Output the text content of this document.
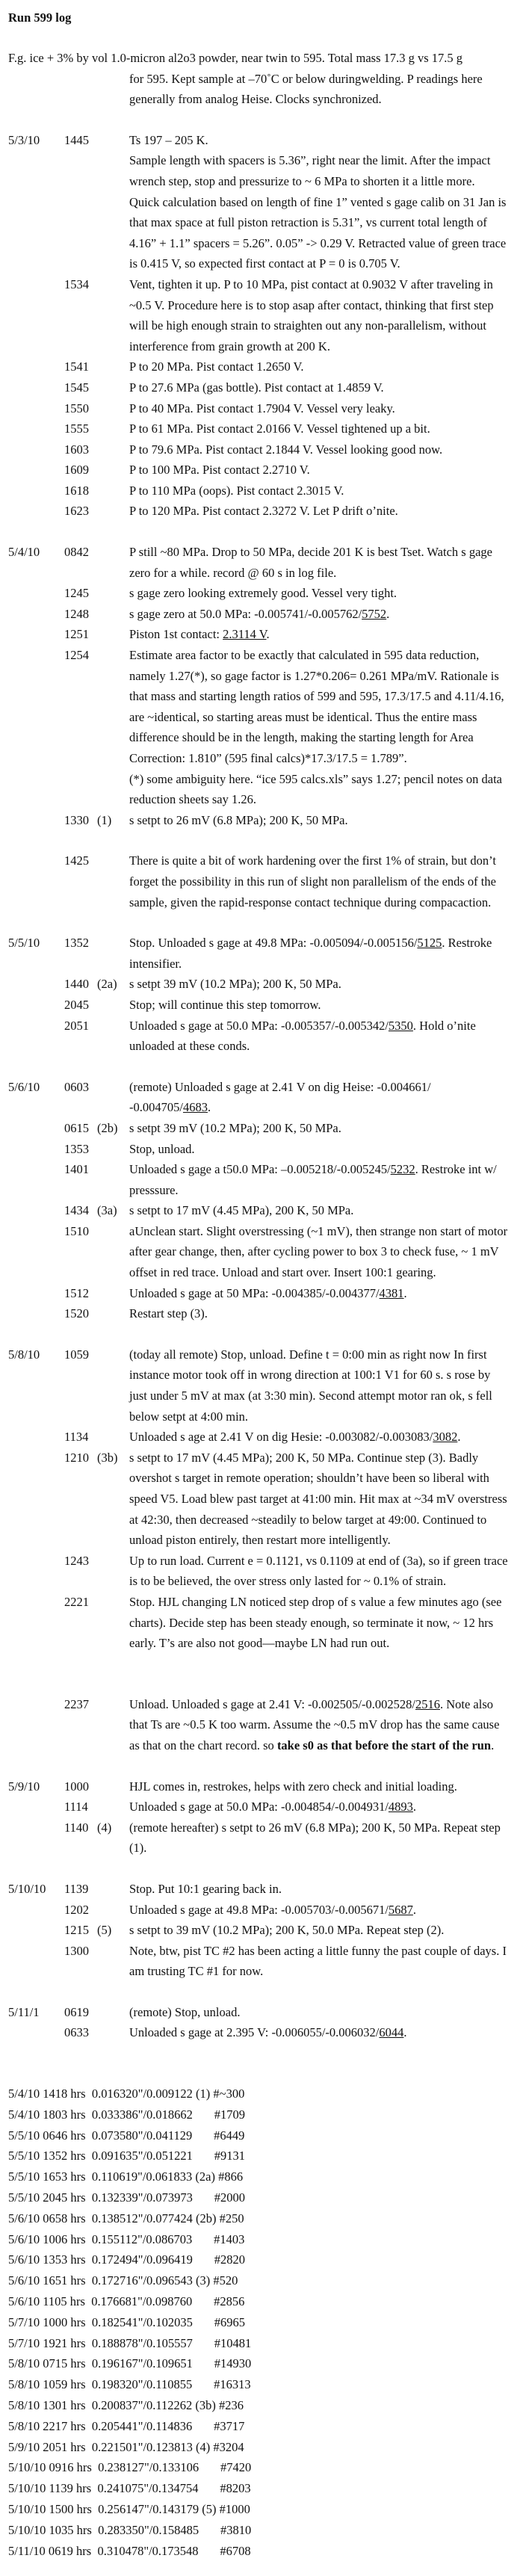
Run 599 log
F.g. ice + 3% by vol 1.0-micron al2o3 powder, near twin to 595. Total mass 17.3 g vs 17.5 g
for 595. Kept sample at –70˚C or below duringwelding. P readings here generally from analog Heise. Clocks synchronized.
5/3/10	1445	Ts 197 – 205 K.
Sample length with spacers is 5.36”, right near the limit. After the impact wrench step, stop and pressurize to ~ 6 MPa to shorten it a little more.
Quick calculation based on length of fine 1” vented s gage calib on 31 Jan is that max space at full piston retraction is 5.31”, vs current total length of 4.16” + 1.1” spacers = 5.26”. 0.05” -> 0.29 V. Retracted value of green trace is 0.415 V, so expected first contact at P = 0 is 0.705 V.
1534	Vent, tighten it up. P to 10 MPa, pist contact at 0.9032 V after traveling in ~0.5 V. Procedure here is to stop asap after contact, thinking that first step will be high enough strain to straighten out any non-parallelism, without interference from grain growth at 200 K.
1541	P to 20 MPa. Pist contact 1.2650 V.
1545	P to 27.6 MPa (gas bottle). Pist contact at 1.4859 V.
1550	P to 40 MPa. Pist contact 1.7904 V. Vessel very leaky.
1555	P to 61 MPa. Pist contact 2.0166 V. Vessel tightened up a bit.
1603	P to 79.6 MPa. Pist contact 2.1844 V. Vessel looking good now.
1609	P to 100 MPa. Pist contact 2.2710 V.
1618	P to 110 MPa (oops). Pist contact 2.3015 V.
1623	P to 120 MPa. Pist contact 2.3272 V. Let P drift o’nite.
5/4/10	0842	P still ~80 MPa. Drop to 50 MPa, decide 201 K is best Tset. Watch s gage zero for a while. record @ 60 s in log file.
1245	s gage zero looking extremely good. Vessel very tight.
1248	s gage zero at 50.0 MPa: -0.005741/-0.005762/5752.
1251	Piston 1st contact: 2.3114 V.
1254	Estimate area factor to be exactly that calculated in 595 data reduction, namely 1.27(*), so gage factor is 1.27*0.206= 0.261 MPa/mV. Rationale is that mass and starting length ratios of 599 and 595, 17.3/17.5 and 4.11/4.16, are ~identical, so starting areas must be identical. Thus the entire mass difference should be in the length, making the starting length for Area Correction: 1.810” (595 final calcs)*17.3/17.5 = 1.789”.
(*) some ambiguity here. “ice 595 calcs.xls” says 1.27; pencil notes on data reduction sheets say 1.26.
1330 (1)	s setpt to 26 mV (6.8 MPa); 200 K, 50 MPa.
1425	There is quite a bit of work hardening over the first 1% of strain, but don’t forget the possibility in this run of slight non parallelism of the ends of the sample, given the rapid-response contact technique during compacaction.
5/5/10	1352	Stop. Unloaded s gage at 49.8 MPa: -0.005094/-0.005156/5125. Restroke intensifier.
1440 (2a) s setpt 39 mV (10.2 MPa); 200 K, 50 MPa.
2045	Stop; will continue this step tomorrow.
2051	Unloaded s gage at 50.0 MPa: -0.005357/-0.005342/5350. Hold o’nite unloaded at these conds.
5/6/10	0603	(remote) Unloaded s gage at 2.41 V on dig Heise: -0.004661/ -0.004705/4683.
0615 (2b) s setpt 39 mV (10.2 MPa); 200 K, 50 MPa.
1353	Stop, unload.
1401	Unloaded s gage a t50.0 MPa: –0.005218/-0.005245/5232. Restroke int w/ presssure.
1434 (3a) s setpt to 17 mV (4.45 MPa), 200 K, 50 MPa.
1510	aUnclean start. Slight overstressing (~1 mV), then strange non start of motor after gear change, then, after cycling power to box 3 to check fuse, ~ 1 mV offset in red trace. Unload and start over. Insert 100:1 gearing.
1512	Unloaded s gage at 50 MPa: -0.004385/-0.004377/4381.
1520	Restart step (3).
5/8/10	1059	(today all remote) Stop, unload. Define t = 0:00 min as right now In first instance motor took off in wrong direction at 100:1 V1 for 60 s. s rose by just under 5 mV at max (at 3:30 min). Second attempt motor ran ok, s fell below setpt at 4:00 min.
1134	Unloaded s age at 2.41 V on dig Hesie: -0.003082/-0.003083/3082.
1210 (3b) s setpt to 17 mV (4.45 MPa); 200 K, 50 MPa. Continue step (3). Badly overshot s target in remote operation; shouldn’t have been so liberal with speed V5. Load blew past target at 41:00 min. Hit max at ~34 mV overstress at 42:30, then decreased ~steadily to below target at 49:00. Continued to unload piston entirely, then restart more intelligently.
1243	Up to run load. Current e = 0.1121, vs 0.1109 at end of (3a), so if green trace is to be believed, the over stress only lasted for ~ 0.1% of strain.
2221	Stop. HJL changing LN noticed step drop of s value a few minutes ago (see charts). Decide step has been steady enough, so terminate it now, ~ 12 hrs early. T’s are also not good—maybe LN had run out.
2237	Unload. Unloaded s gage at 2.41 V: -0.002505/-0.002528/2516. Note also that Ts are ~0.5 K too warm. Assume the ~0.5 mV drop has the same cause as that on the chart record. so take s0 as that before the start of the run.
5/9/10	1000	HJL comes in, restrokes, helps with zero check and initial loading.
1114	Unloaded s gage at 50.0 MPa: -0.004854/-0.004931/4893.
1140 (4)	(remote hereafter) s setpt to 26 mV (6.8 MPa); 200 K, 50 MPa. Repeat step (1).
5/10/10	1139	Stop. Put 10:1 gearing back in.
1202	Unloaded s gage at 49.8 MPa: -0.005703/-0.005671/5687.
1215 (5)	s setpt to 39 mV (10.2 MPa); 200 K, 50.0 MPa. Repeat step (2).
1300	Note, btw, pist TC #2 has been acting a little funny the past couple of days. I am trusting TC #1 for now.
5/11/1	0619	(remote) Stop, unload.
0633	Unloaded s gage at 2.395 V: -0.006055/-0.006032/6044.
5/4/10 1418 hrs  0.016320"/0.009122 (1) #~300
5/4/10 1803 hrs  0.033386"/0.018662       #1709
5/5/10 0646 hrs  0.073580"/0.041129       #6449
5/5/10 1352 hrs  0.091635"/0.051221       #9131
5/5/10 1653 hrs  0.110619"/0.061833 (2a) #866
5/5/10 2045 hrs  0.132339"/0.073973       #2000
5/6/10 0658 hrs  0.138512"/0.077424 (2b) #250
5/6/10 1006 hrs  0.155112"/0.086703       #1403
5/6/10 1353 hrs  0.172494"/0.096419       #2820
5/6/10 1651 hrs  0.172716"/0.096543 (3) #520
5/6/10 1105 hrs  0.176681"/0.098760       #2856
5/7/10 1000 hrs  0.182541"/0.102035       #6965
5/7/10 1921 hrs  0.188878"/0.105557       #10481
5/8/10 0715 hrs  0.196167"/0.109651       #14930
5/8/10 1059 hrs  0.198320"/0.110855       #16313
5/8/10 1301 hrs  0.200837"/0.112262 (3b) #236
5/8/10 2217 hrs  0.205441"/0.114836       #3717
5/9/10 2051 hrs  0.221501"/0.123813 (4) #3204
5/10/10 0916 hrs  0.238127"/0.133106       #7420
5/10/10 1139 hrs  0.241075"/0.134754       #8203
5/10/10 1500 hrs  0.256147"/0.143179 (5) #1000
5/10/10 1035 hrs  0.283350"/0.158485       #3810
5/11/10 0619 hrs  0.310478"/0.173548       #6708
